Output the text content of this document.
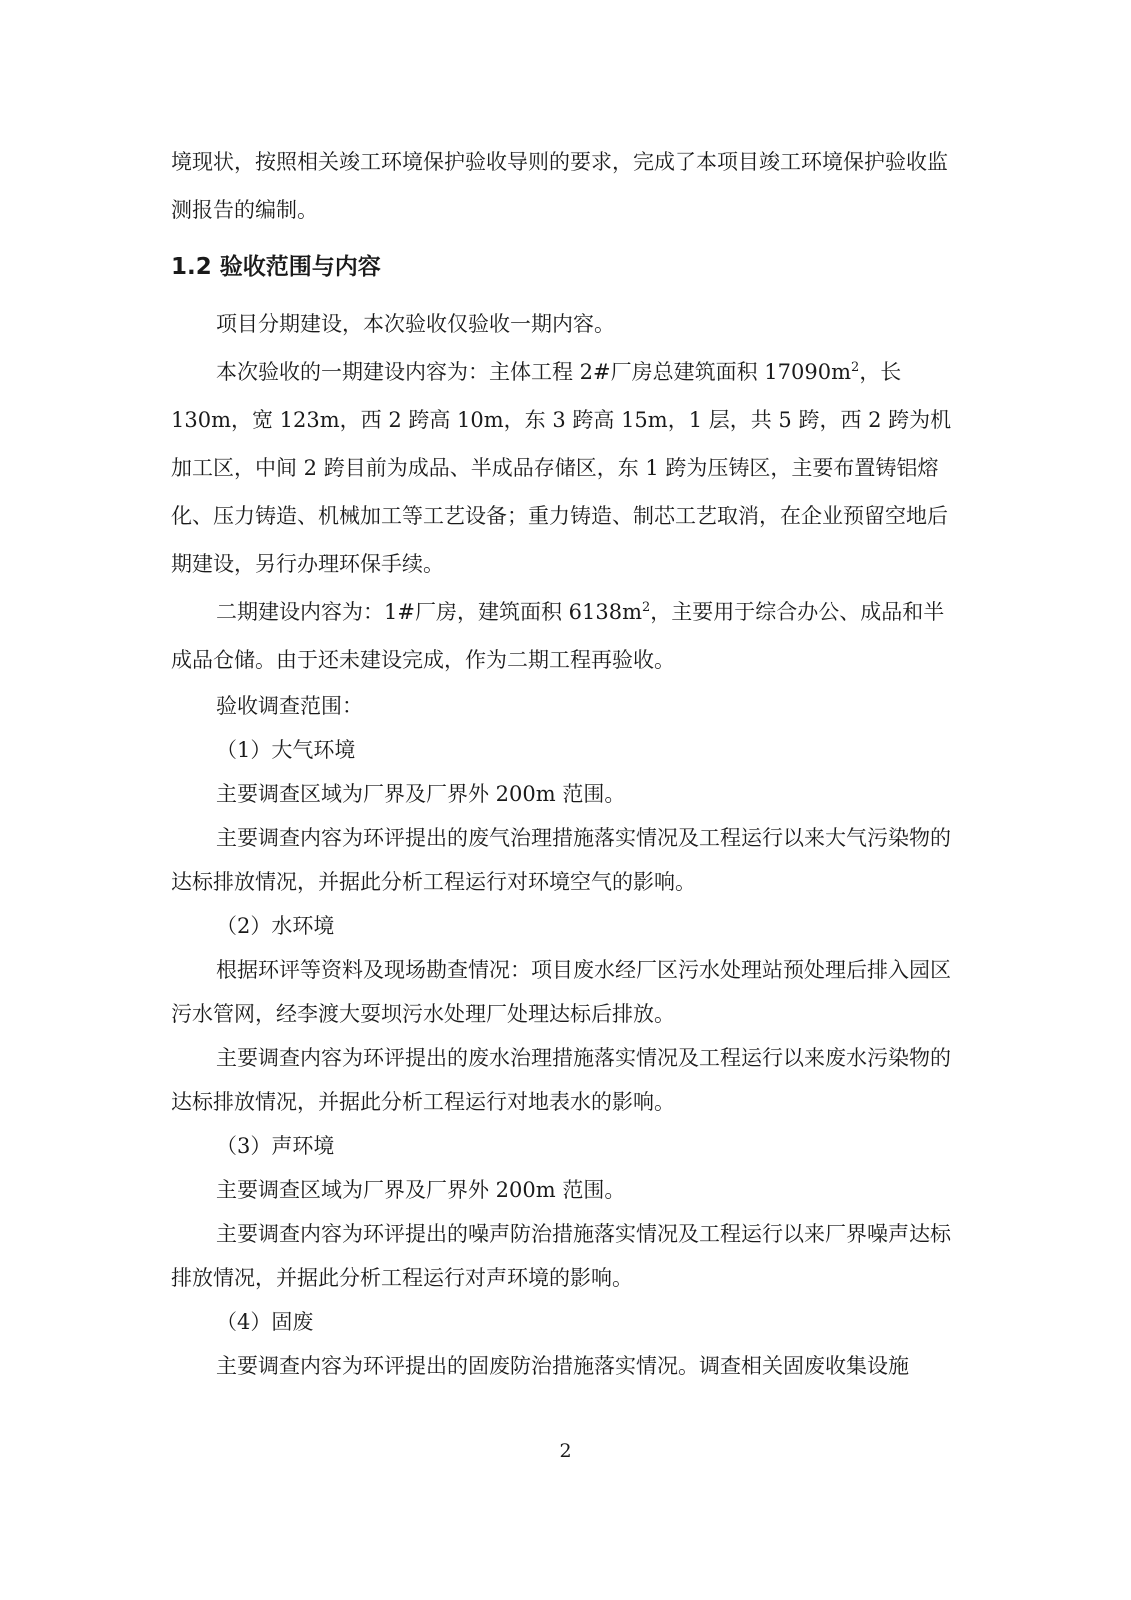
境现状，按照相关竣工环境保护验收导则的要求，完成了本项目竣工环境保护验收监测报告的编制。

1.2 验收范围与内容

项目分期建设，本次验收仅验收一期内容。

本次验收的一期建设内容为：主体工程 2#厂房总建筑面积 $17090m^2$，长 130m，宽 123m，西 2 跨高 10m，东 3 跨高 15m，1 层，共 5 跨，西 2 跨为机加工区，中间 2 跨目前为成品、半成品存储区，东 1 跨为压铸区，主要布置铸铝熔化、压力铸造、机械加工等工艺设备；重力铸造、制芯工艺取消，在企业预留空地后期建设，另行办理环保手续。

二期建设内容为：1#厂房，建筑面积 $6138m^2$，主要用于综合办公、成品和半成品仓储。由于还未建设完成，作为二期工程再验收。

验收调查范围：

（1）大气环境

主要调查区域为厂界及厂界外 200m 范围。

主要调查内容为环评提出的废气治理措施落实情况及工程运行以来大气污染物的达标排放情况，并据此分析工程运行对环境空气的影响。

（2）水环境

根据环评等资料及现场勘查情况：项目废水经厂区污水处理站预处理后排入园区污水管网，经李渡大耍坝污水处理厂处理达标后排放。

主要调查内容为环评提出的废水治理措施落实情况及工程运行以来废水污染物的达标排放情况，并据此分析工程运行对地表水的影响。

（3）声环境

主要调查区域为厂界及厂界外 200m 范围。

主要调查内容为环评提出的噪声防治措施落实情况及工程运行以来厂界噪声达标排放情况，并据此分析工程运行对声环境的影响。

（4）固废

主要调查内容为环评提出的固废防治措施落实情况。调查相关固废收集设施

2
